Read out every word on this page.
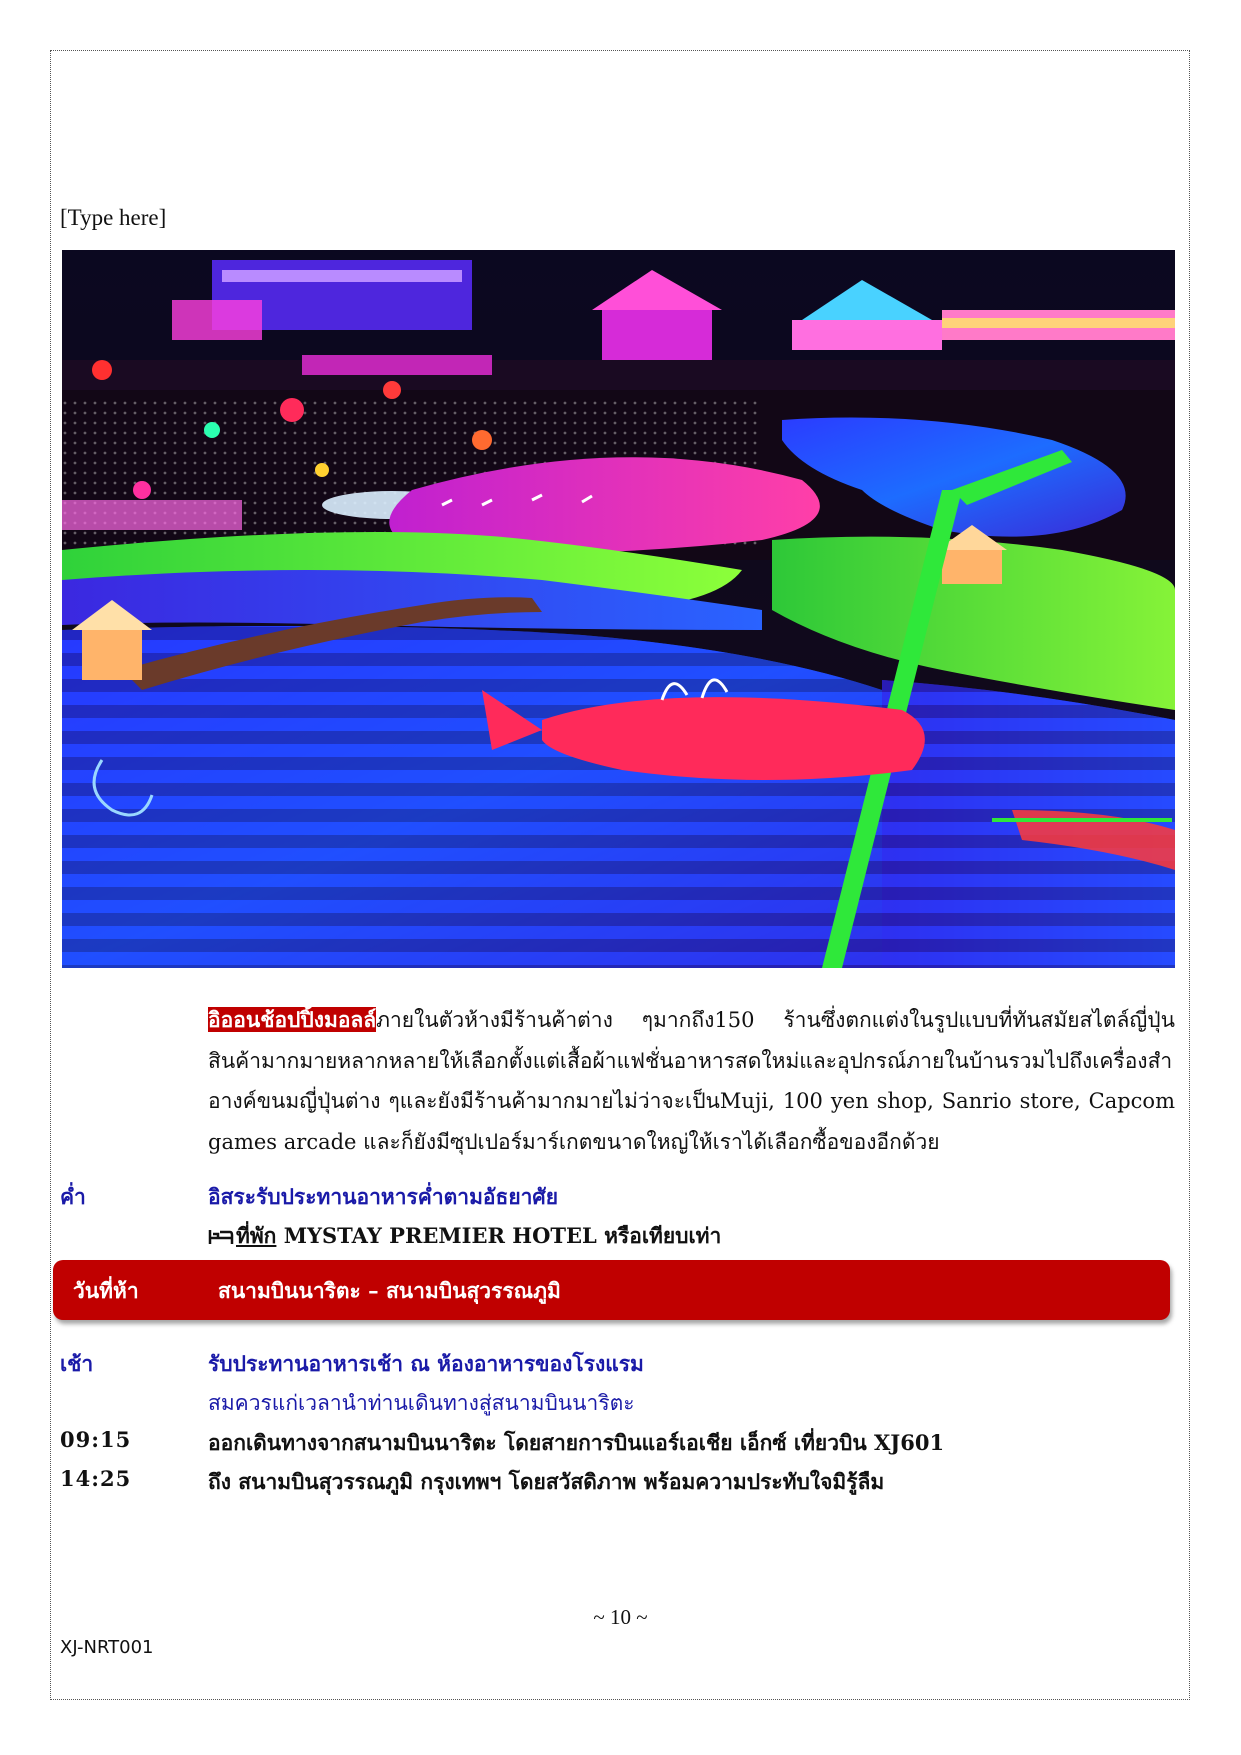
[Type here]
อิออนช้อปปิ้งมอลล์ภายในตัวห้างมีร้านค้าต่าง ๆมากถึง150 ร้านซึ่งตกแต่งในรูปแบบที่ทันสมัยสไตล์ญี่ปุ่น สินค้ามากมายหลากหลายให้เลือกตั้งแต่เสื้อผ้าแฟชั่นอาหารสดใหม่และอุปกรณ์ภายในบ้านรวมไปถึงเครื่องสำอางค์ขนมญี่ปุ่นต่าง ๆและยังมีร้านค้ามากมายไม่ว่าจะเป็นMuji, 100 yen shop, Sanrio store, Capcom games arcade และก็ยังมีซุปเปอร์มาร์เกตขนาดใหญ่ให้เราได้เลือกซื้อของอีกด้วย
ค่ำ	อิสระรับประทานอาหารค่ำตามอัธยาศัย
ที่พัก MYSTAY PREMIER HOTEL หรือเทียบเท่า
วันที่ห้า	สนามบินนาริตะ – สนามบินสุวรรณภูมิ
เช้า	รับประทานอาหารเช้า ณ ห้องอาหารของโรงแรม
สมควรแก่เวลานำท่านเดินทางสู่สนามบินนาริตะ
09:15	ออกเดินทางจากสนามบินนาริตะ โดยสายการบินแอร์เอเชีย เอ็กซ์ เที่ยวบิน XJ601
14:25	ถึง สนามบินสุวรรณภูมิ กรุงเทพฯ โดยสวัสดิภาพ พร้อมความประทับใจมิรู้ลืม
~ 10 ~
XJ-NRT001
